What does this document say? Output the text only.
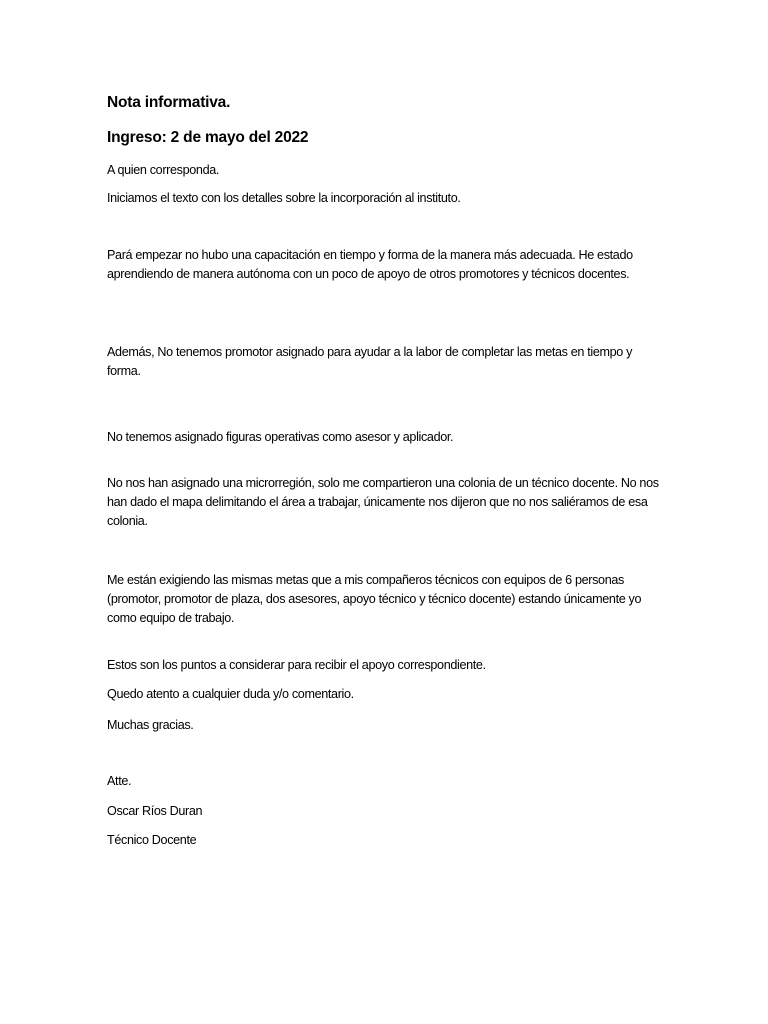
Nota informativa.
Ingreso: 2 de mayo del 2022

A quien corresponda.

Iniciamos el texto con los detalles sobre la incorporación al instituto.

Pará empezar no hubo una capacitación en tiempo y forma de la manera más adecuada. He estado aprendiendo de manera autónoma con un poco de apoyo de otros promotores y técnicos docentes.

Además, No tenemos promotor asignado para ayudar a la labor de completar las metas en tiempo y forma.

No tenemos asignado figuras operativas como asesor y aplicador.

No nos han asignado una microrregión, solo me compartieron una colonia de un técnico docente. No nos han dado el mapa delimitando el área a trabajar, únicamente nos dijeron que no nos saliéramos de esa colonia.

Me están exigiendo las mismas metas que a mis compañeros técnicos con equipos de 6 personas (promotor, promotor de plaza, dos asesores, apoyo técnico y técnico docente) estando únicamente yo como equipo de trabajo.

Estos son los puntos a considerar para recibir el apoyo correspondiente.

Quedo atento a cualquier duda y/o comentario.

Muchas gracias.

Atte.

Oscar Ríos Duran

Técnico Docente
